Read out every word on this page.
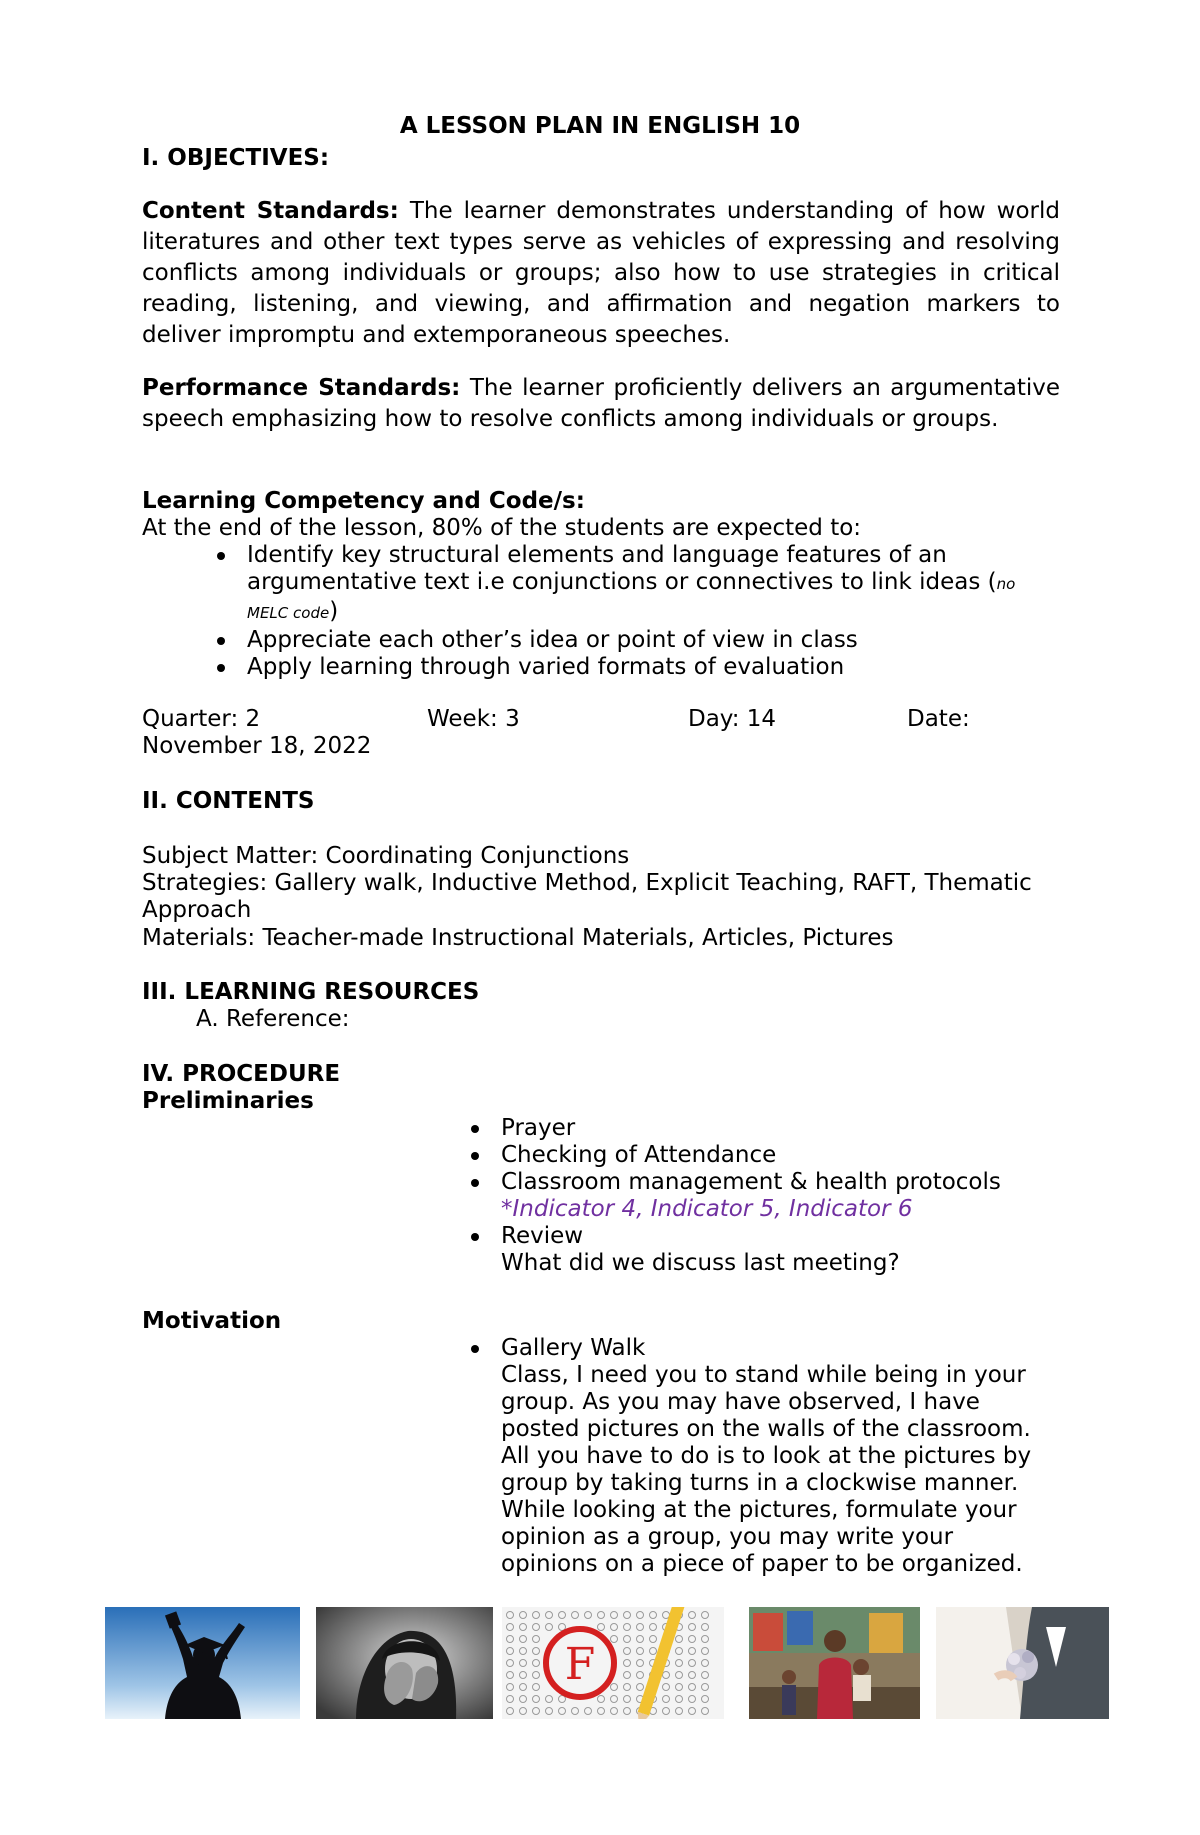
A LESSON PLAN IN ENGLISH 10
I. OBJECTIVES:
Content Standards: The learner demonstrates understanding of how world literatures and other text types serve as vehicles of expressing and resolving conflicts among individuals or groups; also how to use strategies in critical reading, listening, and viewing, and affirmation and negation markers to deliver impromptu and extemporaneous speeches.
Performance Standards: The learner proficiently delivers an argumentative speech emphasizing how to resolve conflicts among individuals or groups.
Learning Competency and Code/s:
At the end of the lesson, 80% of the students are expected to:
Identify key structural elements and language features of an
argumentative text i.e conjunctions or connectives to link ideas (no
MELC code)
Appreciate each other’s idea or point of view in class
Apply learning through varied formats of evaluation
Quarter: 2	Week: 3	Day: 14	Date:
November 18, 2022
II. CONTENTS
Subject Matter: Coordinating Conjunctions
Strategies: Gallery walk, Inductive Method, Explicit Teaching, RAFT, Thematic
Approach
Materials: Teacher-made Instructional Materials, Articles, Pictures
III. LEARNING RESOURCES
A. Reference:
IV. PROCEDURE
Preliminaries
Prayer
Checking of Attendance
Classroom management & health protocols
*Indicator 4, Indicator 5, Indicator 6
Review
What did we discuss last meeting?
Motivation
Gallery Walk
Class, I need you to stand while being in your
group. As you may have observed, I have
posted pictures on the walls of the classroom.
All you have to do is to look at the pictures by
group by taking turns in a clockwise manner.
While looking at the pictures, formulate your
opinion as a group, you may write your
opinions on a piece of paper to be organized.
F
